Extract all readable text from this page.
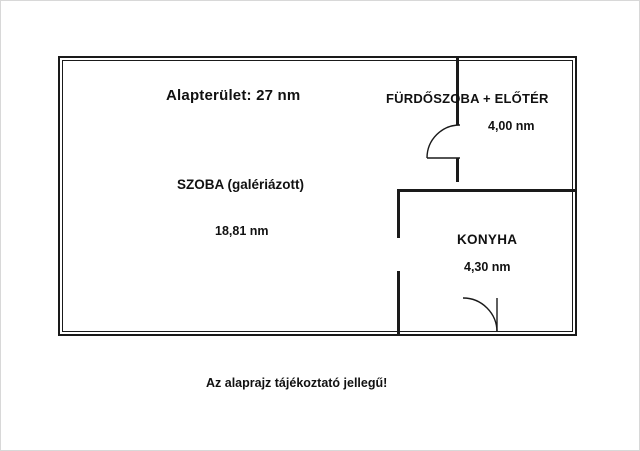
Alapterület: 27 nm
SZOBA (galériázott)
18,81 nm
FÜRDŐSZOBA + ELŐTÉR
4,00 nm
KONYHA
4,30 nm
Az alaprajz tájékoztató jellegű!
